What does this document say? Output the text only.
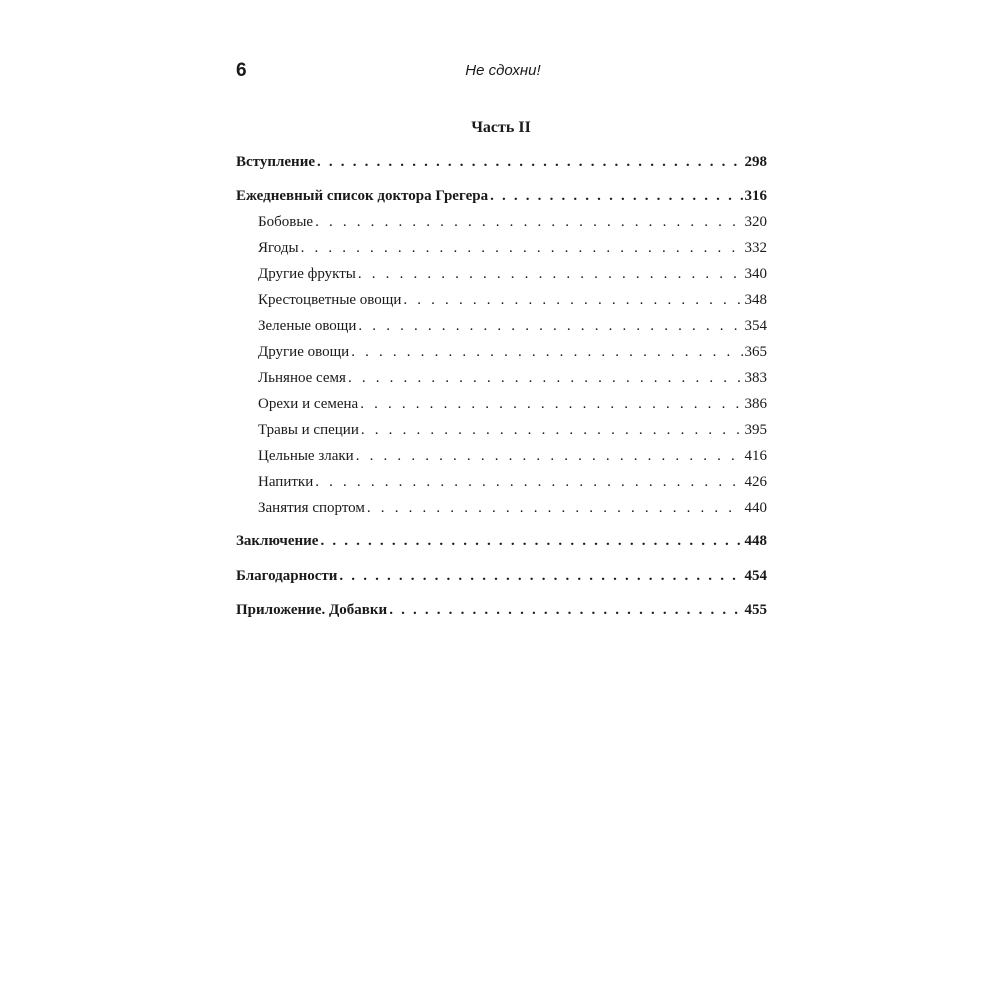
6	Не сдохни!
Часть II
Вступление . . .	298
Ежедневный список доктора Грегера . . .	316
Бобовые . . .	320
Ягоды . . .	332
Другие фрукты . . .	340
Крестоцветные овощи . . .	348
Зеленые овощи . . .	354
Другие овощи . . .	365
Льняное семя . . .	383
Орехи и семена . . .	386
Травы и специи . . .	395
Цельные злаки . . .	416
Напитки . . .	426
Занятия спортом . . .	440
Заключение . . .	448
Благодарности . . .	454
Приложение. Добавки . . .	455
